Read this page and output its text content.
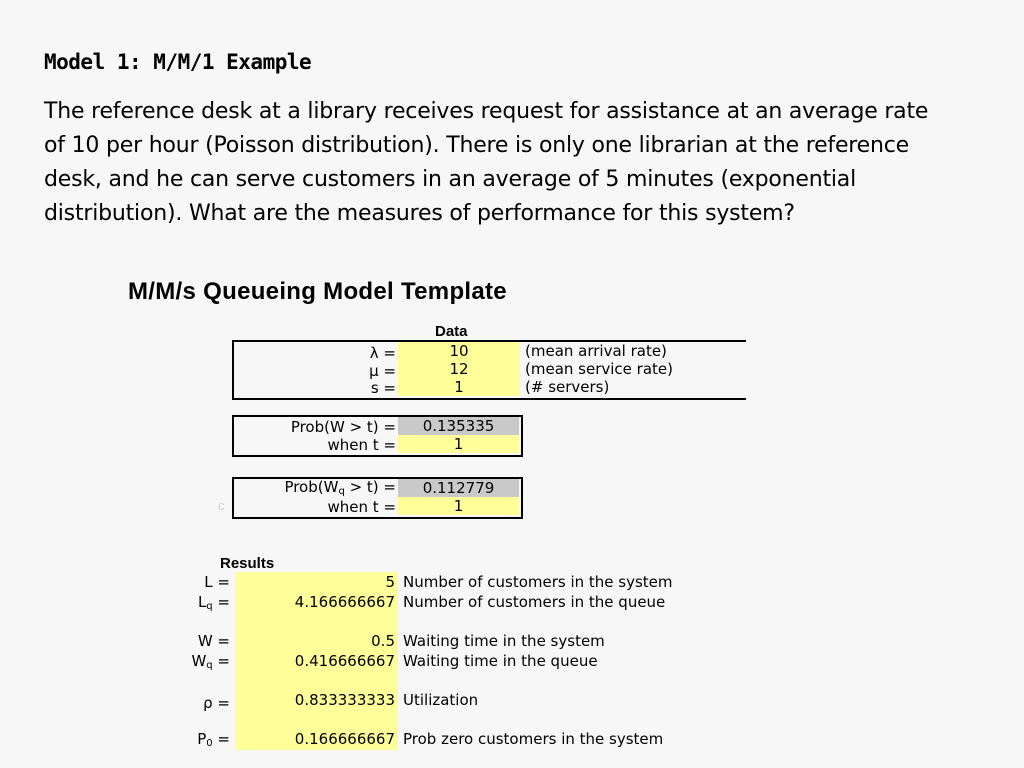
Model 1: M/M/1 Example
The reference desk at a library receives request for assistance at an average rate of 10 per hour (Poisson distribution). There is only one librarian at the reference desk, and he can serve customers in an average of 5 minutes (exponential distribution). What are the measures of performance for this system?
M/M/s Queueing Model Template
Data
λ =	10	(mean arrival rate)
μ =	12	(mean service rate)
s =	1	(# servers)
Prob(W > t) =	0.135335
when t =	1
c
$Prob(W_q > t)$ =	0.112779
when t =	1
Results
L =	5 Number of customers in the system
$L_q$ =	4.166666667 Number of customers in the queue
W =	0.5 Waiting time in the system
$W_q$ =	0.416666667 Waiting time in the queue
ρ =	0.833333333 Utilization
$P_0$ =	0.166666667 Prob zero customers in the system
